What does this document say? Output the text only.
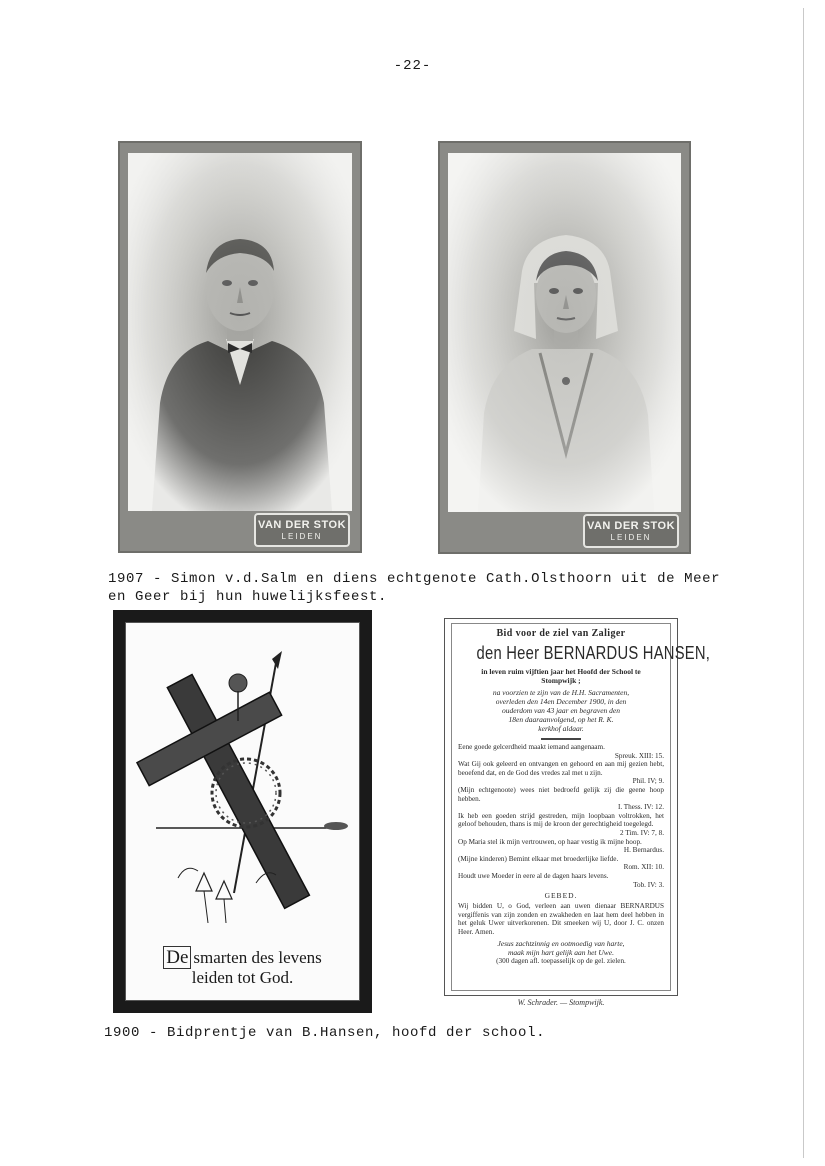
-22-
VAN DER STOK
LEIDEN
VAN DER STOK
LEIDEN
1907 - Simon v.d.Salm en diens echtgenote Cath.Olsthoorn uit de Meer
en Geer bij hun huwelijksfeest.
De smarten des levens
leiden tot God.
Bid voor de ziel van Zaliger
den Heer BERNARDUS HANSEN,
in leven ruim vijftien jaar het Hoofd der School te
Stompwijk ;
na voorzien te zijn van de H.H. Sacramenten,
overleden den 14en December 1900, in den
ouderdom van 43 jaar en begraven den
18en daaraanvolgend, op het R. K.
kerkhof aldaar.
Eene goede gelcerdheid maakt iemand aangenaam.
Spreuk. XIII: 15.
Wat Gij ook geleerd en ontvangen en gehoord en aan mij gezien hebt, beoefend dat, en de God des vredes zal met u zijn.
Phil. IV; 9.
(Mijn echtgenoote) wees niet bedroefd gelijk zij die geene hoop hebben.
I. Thess. IV: 12.
Ik heb een goeden strijd gestreden, mijn loopbaan voltrokken, het geloof behouden, thans is mij de kroon der gerechtigheid toegelegd.
2 Tim. IV: 7, 8.
Op Maria stel ik mijn vertrouwen, op haar vestig ik mijne hoop.
H. Bernardus.
(Mijne kinderen) Bemint elkaar met broederlijke liefde.
Rom. XII: 10.
Houdt uwe Moeder in eere al de dagen haars levens.
Tob. IV: 3.
GEBED.
Wij bidden U, o God, verleen aan uwen dienaar BERNARDUS vergiffenis van zijn zonden en zwakheden en laat hem deel hebben in het geluk Uwer uitverkorenen. Dit smeeken wij U, door J. C. onzen Heer. Amen.
Jesus zachtzinnig en ootmoedig van harte,
maak mijn hart gelijk aan het Uwe.
(300 dagen afl. toepasselijk op de gel. zielen.
W. Schrader. — Stompwijk.
1900 - Bidprentje van B.Hansen, hoofd der school.
